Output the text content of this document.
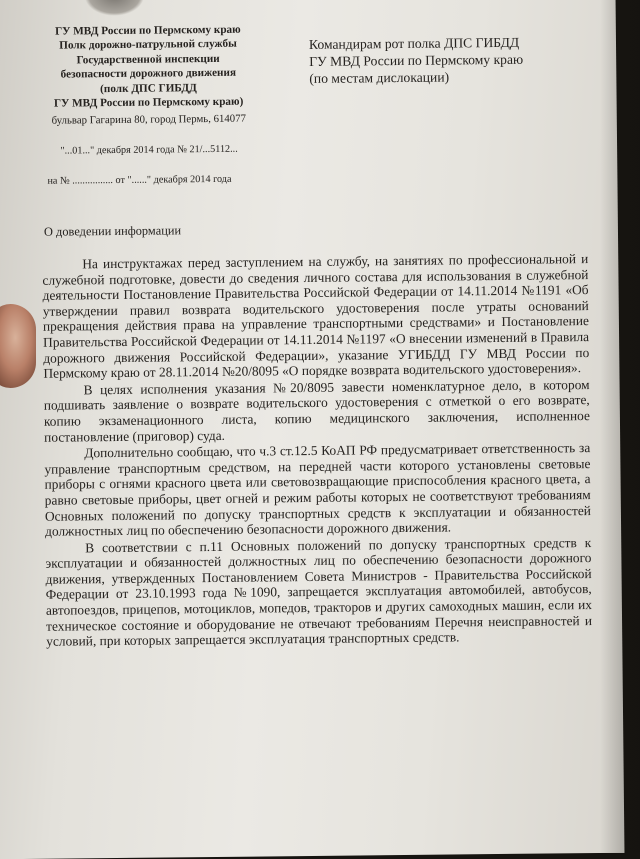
ГУ МВД России по Пермскому краю
Полк дорожно-патрульной службы
Государственной инспекции
безопасности дорожного движения
(полк ДПС ГИБДД
ГУ МВД России по Пермскому краю)
бульвар Гагарина 80, город Пермь, 614077
"...01..." декабря 2014 года № 21/...5112...
на № ................ от "......" декабря 2014 года
Командирам рот полка ДПС ГИБДД
ГУ МВД России по Пермскому краю
(по местам дислокации)
О доведении информации

На инструктажах перед заступлением на службу, на занятиях по профессиональной и служебной подготовке, довести до сведения личного состава для использования в служебной деятельности Постановление Правительства Российской Федерации от 14.11.2014 №1191 «Об утверждении правил возврата водительского удостоверения после утраты оснований прекращения действия права на управление транспортными средствами» и Постановление Правительства Российской Федерации от 14.11.2014 №1197 «О внесении изменений в Правила дорожного движения Российской Федерации», указание УГИБДД ГУ МВД России по Пермскому краю от 28.11.2014 №20/8095 «О порядке возврата водительского удостоверения».

В целях исполнения указания №20/8095 завести номенклатурное дело, в котором подшивать заявление о возврате водительского удостоверения с отметкой о его возврате, копию экзаменационного листа, копию медицинского заключения, исполненное постановление (приговор) суда.

Дополнительно сообщаю, что ч.3 ст.12.5 КоАП РФ предусматривает ответственность за управление транспортным средством, на передней части которого установлены световые приборы с огнями красного цвета или световозвращающие приспособления красного цвета, а равно световые приборы, цвет огней и режим работы которых не соответствуют требованиям Основных положений по допуску транспортных средств к эксплуатации и обязанностей должностных лиц по обеспечению безопасности дорожного движения.

В соответствии с п.11 Основных положений по допуску транспортных средств к эксплуатации и обязанностей должностных лиц по обеспечению безопасности дорожного движения, утвержденных Постановлением Совета Министров - Правительства Российской Федерации от 23.10.1993 года №1090, запрещается эксплуатация автомобилей, автобусов, автопоездов, прицепов, мотоциклов, мопедов, тракторов и других самоходных машин, если их техническое состояние и оборудование не отвечают требованиям Перечня неисправностей и условий, при которых запрещается эксплуатация транспортных средств.
